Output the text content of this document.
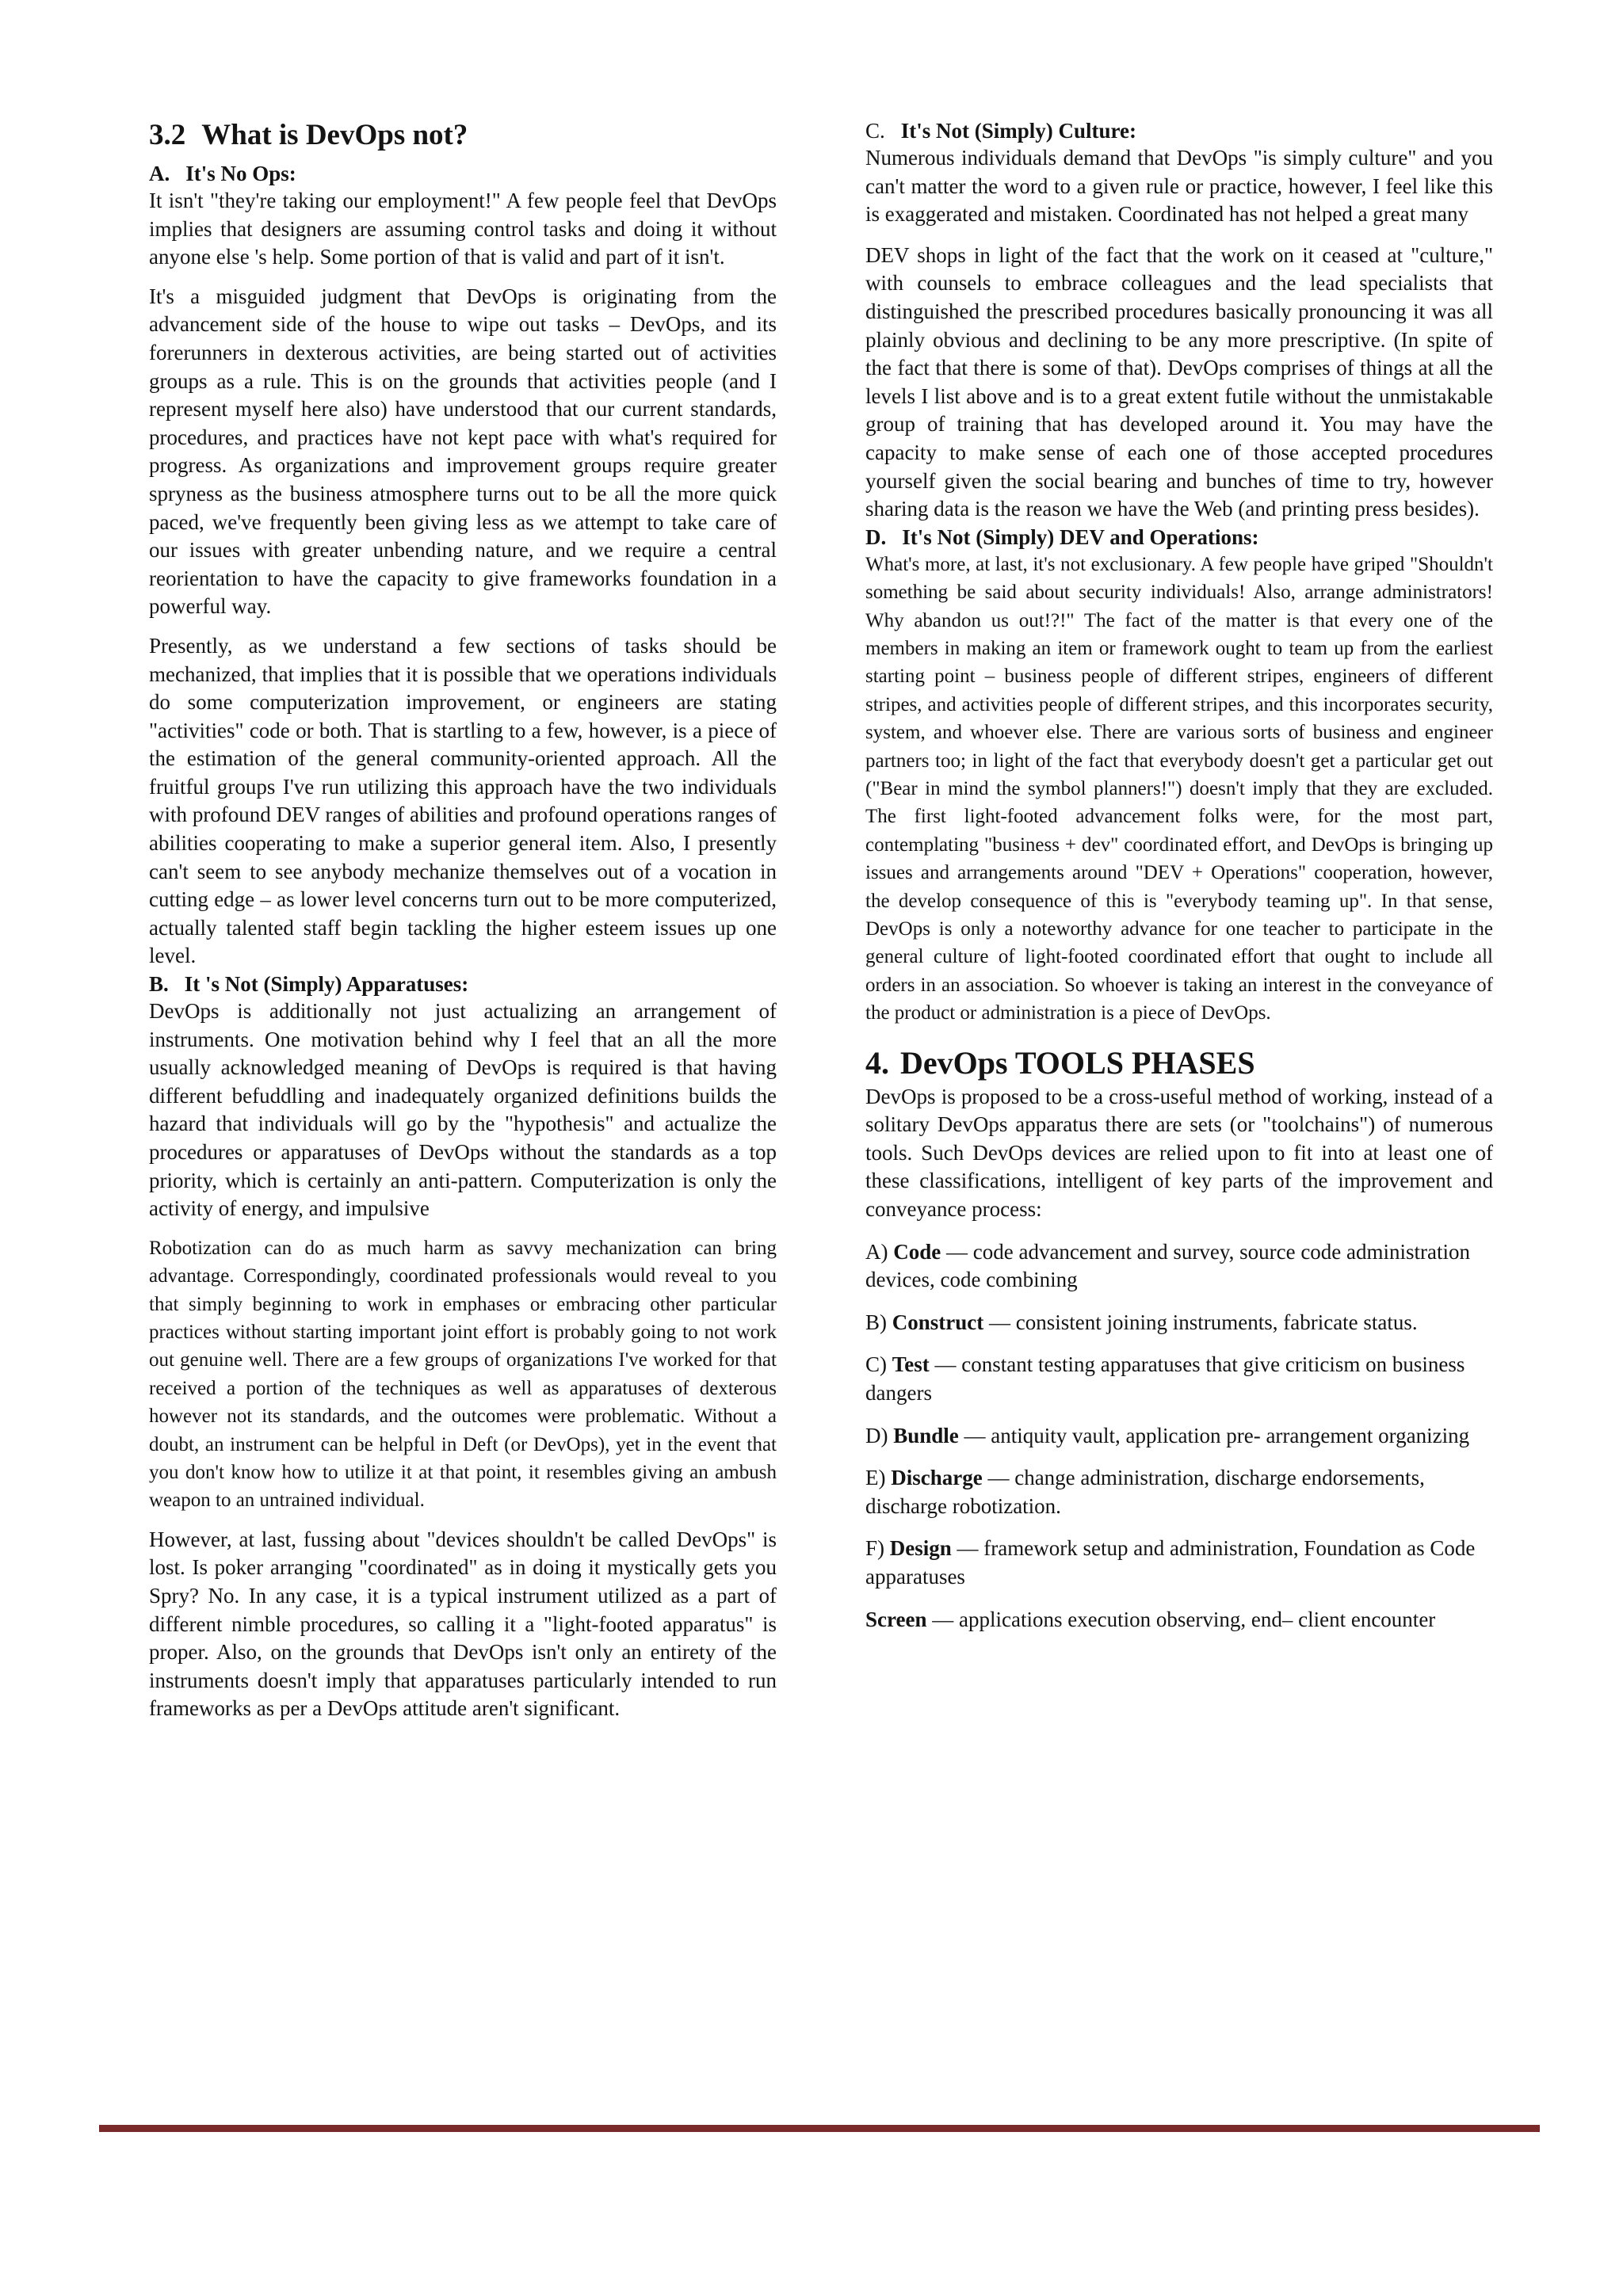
3.2 What is DevOps not?
A. It's No Ops:

It isn't "they're taking our employment!" A few people feel that DevOps implies that designers are assuming control tasks and doing it without anyone else 's help. Some portion of that is valid and part of it isn't.

It's a misguided judgment that DevOps is originating from the advancement side of the house to wipe out tasks – DevOps, and its forerunners in dexterous activities, are being started out of activities groups as a rule. This is on the grounds that activities people (and I represent myself here also) have understood that our current standards, procedures, and practices have not kept pace with what's required for progress. As organizations and improvement groups require greater spryness as the business atmosphere turns out to be all the more quick paced, we've frequently been giving less as we attempt to take care of our issues with greater unbending nature, and we require a central reorientation to have the capacity to give frameworks foundation in a powerful way.

Presently, as we understand a few sections of tasks should be mechanized, that implies that it is possible that we operations individuals do some computerization improvement, or engineers are stating "activities" code or both. That is startling to a few, however, is a piece of the estimation of the general community-oriented approach. All the fruitful groups I've run utilizing this approach have the two individuals with profound DEV ranges of abilities and profound operations ranges of abilities cooperating to make a superior general item. Also, I presently can't seem to see anybody mechanize themselves out of a vocation in cutting edge – as lower level concerns turn out to be more computerized, actually talented staff begin tackling the higher esteem issues up one level.

B. It 's Not (Simply) Apparatuses:

DevOps is additionally not just actualizing an arrangement of instruments. One motivation behind why I feel that an all the more usually acknowledged meaning of DevOps is required is that having different befuddling and inadequately organized definitions builds the hazard that individuals will go by the "hypothesis" and actualize the procedures or apparatuses of DevOps without the standards as a top priority, which is certainly an anti-pattern. Computerization is only the activity of energy, and impulsive

Robotization can do as much harm as savvy mechanization can bring advantage. Correspondingly, coordinated professionals would reveal to you that simply beginning to work in emphases or embracing other particular practices without starting important joint effort is probably going to not work out genuine well. There are a few groups of organizations I've worked for that received a portion of the techniques as well as apparatuses of dexterous however not its standards, and the outcomes were problematic. Without a doubt, an instrument can be helpful in Deft (or DevOps), yet in the event that you don't know how to utilize it at that point, it resembles giving an ambush weapon to an untrained individual.

However, at last, fussing about "devices shouldn't be called DevOps" is lost. Is poker arranging "coordinated" as in doing it mystically gets you Spry? No. In any case, it is a typical instrument utilized as a part of different nimble procedures, so calling it a "light-footed apparatus" is proper. Also, on the grounds that DevOps isn't only an entirety of the instruments doesn't imply that apparatuses particularly intended to run frameworks as per a DevOps attitude aren't significant.

C. It's Not (Simply) Culture:

Numerous individuals demand that DevOps "is simply culture" and you can't matter the word to a given rule or practice, however, I feel like this is exaggerated and mistaken. Coordinated has not helped a great many

DEV shops in light of the fact that the work on it ceased at "culture," with counsels to embrace colleagues and the lead specialists that distinguished the prescribed procedures basically pronouncing it was all plainly obvious and declining to be any more prescriptive. (In spite of the fact that there is some of that). DevOps comprises of things at all the levels I list above and is to a great extent futile without the unmistakable group of training that has developed around it. You may have the capacity to make sense of each one of those accepted procedures yourself given the social bearing and bunches of time to try, however sharing data is the reason we have the Web (and printing press besides).

D. It's Not (Simply) DEV and Operations:

What's more, at last, it's not exclusionary. A few people have griped "Shouldn't something be said about security individuals! Also, arrange administrators! Why abandon us out!?!" The fact of the matter is that every one of the members in making an item or framework ought to team up from the earliest starting point – business people of different stripes, engineers of different stripes, and activities people of different stripes, and this incorporates security, system, and whoever else. There are various sorts of business and engineer partners too; in light of the fact that everybody doesn't get a particular get out ("Bear in mind the symbol planners!") doesn't imply that they are excluded. The first light-footed advancement folks were, for the most part, contemplating "business + dev" coordinated effort, and DevOps is bringing up issues and arrangements around "DEV + Operations" cooperation, however, the develop consequence of this is "everybody teaming up". In that sense, DevOps is only a noteworthy advance for one teacher to participate in the general culture of light-footed coordinated effort that ought to include all orders in an association. So whoever is taking an interest in the conveyance of the product or administration is a piece of DevOps.

4. DevOps TOOLS PHASES

DevOps is proposed to be a cross-useful method of working, instead of a solitary DevOps apparatus there are sets (or "toolchains") of numerous tools. Such DevOps devices are relied upon to fit into at least one of these classifications, intelligent of key parts of the improvement and conveyance process:

A) Code — code advancement and survey, source code administration devices, code combining
B) Construct — consistent joining instruments, fabricate status.
C) Test — constant testing apparatuses that give criticism on business dangers
D) Bundle — antiquity vault, application pre- arrangement organizing
E) Discharge — change administration, discharge endorsements, discharge robotization.
F) Design — framework setup and administration, Foundation as Code apparatuses
Screen — applications execution observing, end– client encounter
